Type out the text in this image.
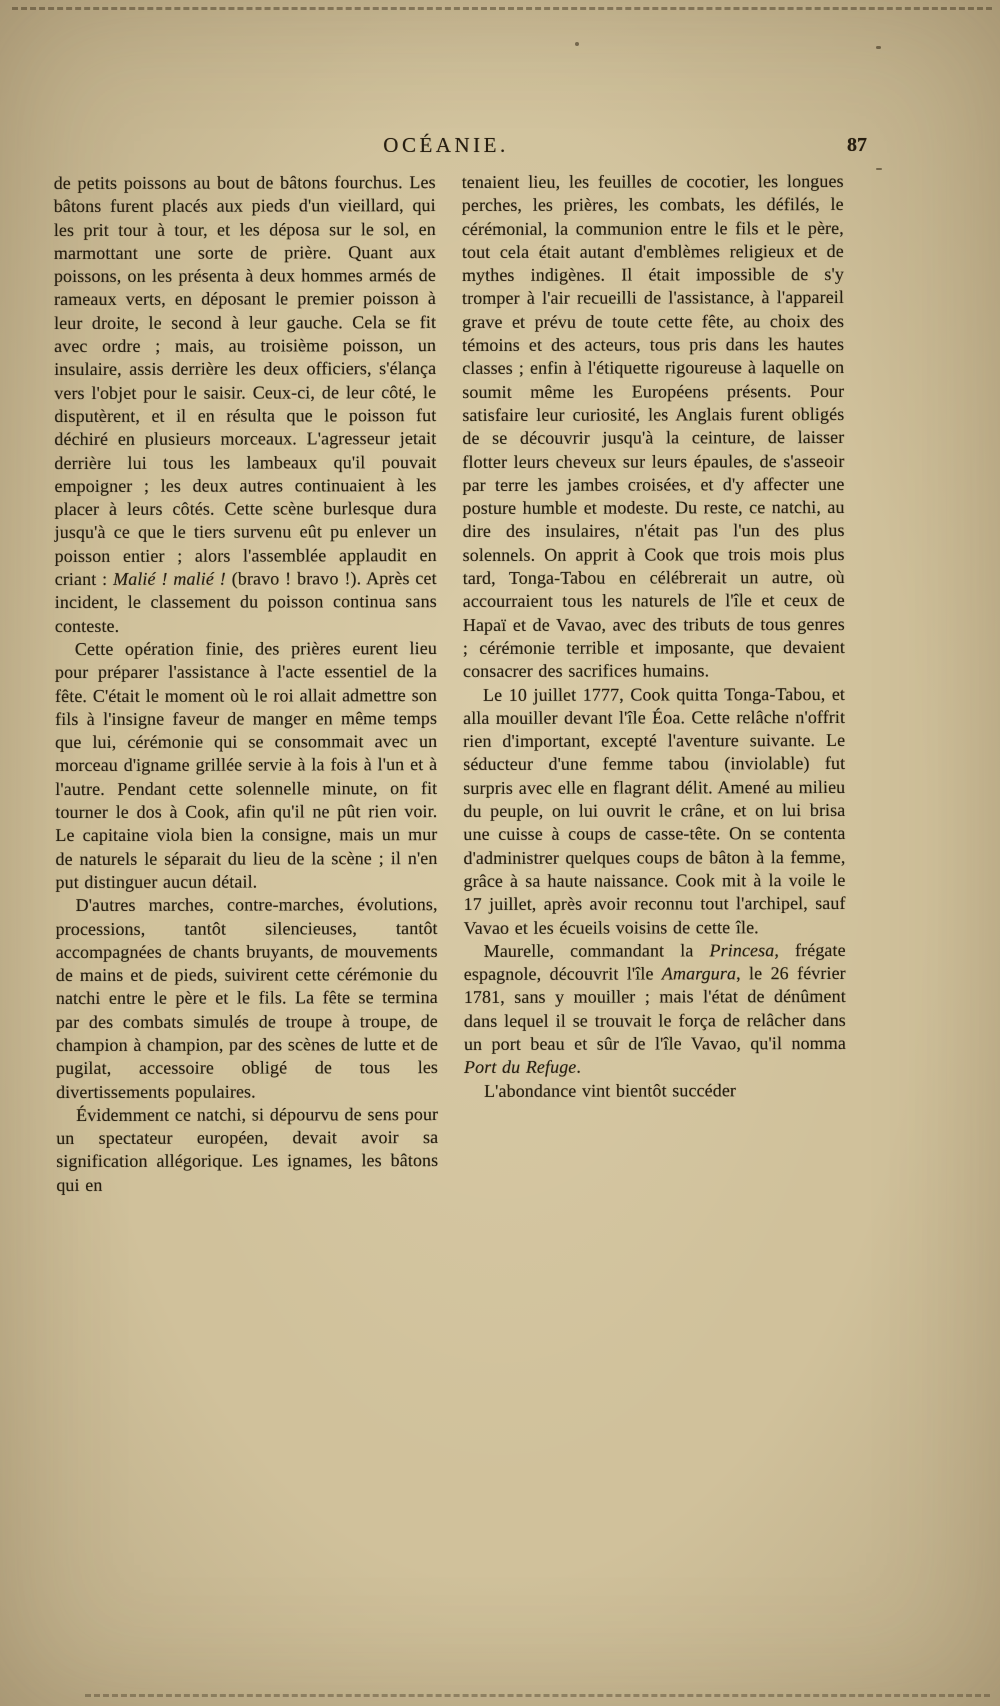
OCÉANIE.	87

de petits poissons au bout de bâtons fourchus. Les bâtons furent placés aux pieds d'un vieillard, qui les prit tour à tour, et les déposa sur le sol, en marmottant une sorte de prière. Quant aux poissons, on les présenta à deux hommes armés de rameaux verts, en déposant le premier poisson à leur droite, le second à leur gauche. Cela se fit avec ordre ; mais, au troisième poisson, un insulaire, assis derrière les deux officiers, s'élança vers l'objet pour le saisir. Ceux-ci, de leur côté, le disputèrent, et il en résulta que le poisson fut déchiré en plusieurs morceaux. L'agresseur jetait derrière lui tous les lambeaux qu'il pouvait empoigner ; les deux autres continuaient à les placer à leurs côtés. Cette scène burlesque dura jusqu'à ce que le tiers survenu eût pu enlever un poisson entier ; alors l'assemblée applaudit en criant : Malié ! malié ! (bravo ! bravo !). Après cet incident, le classement du poisson continua sans conteste.

Cette opération finie, des prières eurent lieu pour préparer l'assistance à l'acte essentiel de la fête. C'était le moment où le roi allait admettre son fils à l'insigne faveur de manger en même temps que lui, cérémonie qui se consommait avec un morceau d'igname grillée servie à la fois à l'un et à l'autre. Pendant cette solennelle minute, on fit tourner le dos à Cook, afin qu'il ne pût rien voir. Le capitaine viola bien la consigne, mais un mur de naturels le séparait du lieu de la scène ; il n'en put distinguer aucun détail.

D'autres marches, contre-marches, évolutions, processions, tantôt silencieuses, tantôt accompagnées de chants bruyants, de mouvements de mains et de pieds, suivirent cette cérémonie du natchi entre le père et le fils. La fête se termina par des combats simulés de troupe à troupe, de champion à champion, par des scènes de lutte et de pugilat, accessoire obligé de tous les divertissements populaires.

Évidemment ce natchi, si dépourvu de sens pour un spectateur européen, devait avoir sa signification allégorique. Les ignames, les bâtons qui en

tenaient lieu, les feuilles de cocotier, les longues perches, les prières, les combats, les défilés, le cérémonial, la communion entre le fils et le père, tout cela était autant d'emblèmes religieux et de mythes indigènes. Il était impossible de s'y tromper à l'air recueilli de l'assistance, à l'appareil grave et prévu de toute cette fête, au choix des témoins et des acteurs, tous pris dans les hautes classes ; enfin à l'étiquette rigoureuse à laquelle on soumit même les Européens présents. Pour satisfaire leur curiosité, les Anglais furent obligés de se découvrir jusqu'à la ceinture, de laisser flotter leurs cheveux sur leurs épaules, de s'asseoir par terre les jambes croisées, et d'y affecter une posture humble et modeste. Du reste, ce natchi, au dire des insulaires, n'était pas l'un des plus solennels. On apprit à Cook que trois mois plus tard, Tonga-Tabou en célébrerait un autre, où accourraient tous les naturels de l'île et ceux de Hapaï et de Vavao, avec des tributs de tous genres ; cérémonie terrible et imposante, que devaient consacrer des sacrifices humains.

Le 10 juillet 1777, Cook quitta Tonga-Tabou, et alla mouiller devant l'île Éoa. Cette relâche n'offrit rien d'important, excepté l'aventure suivante. Le séducteur d'une femme tabou (inviolable) fut surpris avec elle en flagrant délit. Amené au milieu du peuple, on lui ouvrit le crâne, et on lui brisa une cuisse à coups de casse-tête. On se contenta d'administrer quelques coups de bâton à la femme, grâce à sa haute naissance. Cook mit à la voile le 17 juillet, après avoir reconnu tout l'archipel, sauf Vavao et les écueils voisins de cette île.

Maurelle, commandant la Princesa, frégate espagnole, découvrit l'île Amargura, le 26 février 1781, sans y mouiller ; mais l'état de dénûment dans lequel il se trouvait le força de relâcher dans un port beau et sûr de l'île Vavao, qu'il nomma Port du Refuge.

L'abondance vint bientôt succéder
